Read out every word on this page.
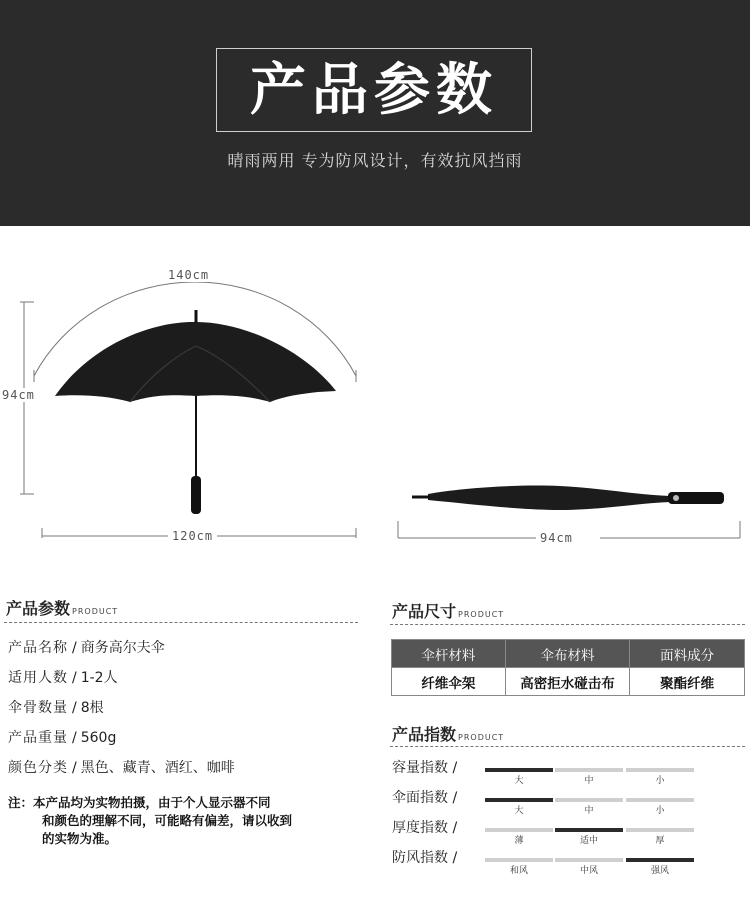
产品参数
晴雨两用 专为防风设计，有效抗风挡雨
140cm
94cm
120cm	94cm
产品参数 PRODUCT
产品名称 / 商务高尔夫伞
适用人数 / 1-2人
伞骨数量 / 8根
产品重量 / 560g
颜色分类 / 黑色、藏青、酒红、咖啡
注：本产品均为实物拍摄，由于个人显示器不同
和颜色的理解不同，可能略有偏差，请以收到
的实物为准。
产品尺寸 PRODUCT
伞杆材料	伞布材料	面料成分
纤维伞架	高密拒水碰击布	聚酯纤维
产品指数 PRODUCT
容量指数 /
大	中	小
伞面指数 /
大	中	小
厚度指数 /
薄	适中	厚
防风指数 /
和风	中风	强风
